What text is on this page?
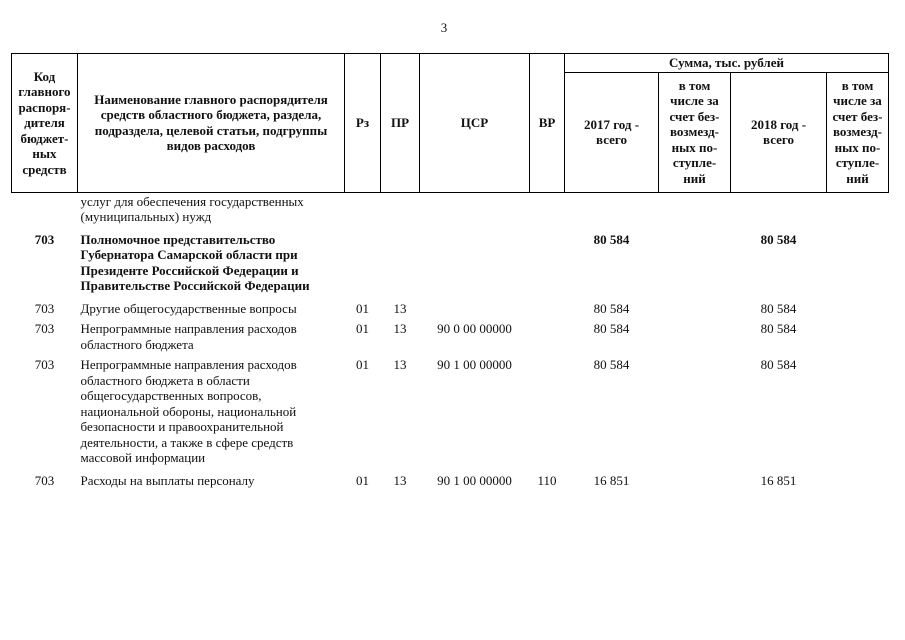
3
Код главного распоря-дителя бюджет-ных средств	Наименование главного распорядителя средств областного бюджета, раздела, подраздела, целевой статьи, подгруппы видов расходов	Рз	ПР	ЦСР	ВР	Сумма, тыс. рублей			
						2017 год - всего	в том числе за счет без-возмезд-ных по-ступле-ний	2018 год - всего	в том числе за счет без-возмезд-ных по-ступле-ний
	услуг для обеспечения государственных (муниципальных) нужд								
703	Полномочное представительство Губернатора Самарской области при Президенте Российской Федерации и Правительстве Российской Федерации					80 584		80 584	
703	Другие общегосударственные вопросы	01	13			80 584		80 584	
703	Непрограммные направления расходов областного бюджета	01	13	90 0 00 00000		80 584		80 584	
703	Непрограммные направления расходов областного бюджета в области общегосударственных вопросов, национальной обороны, национальной безопасности и правоохранительной деятельности, а также в сфере средств массовой информации	01	13	90 1 00 00000		80 584		80 584	
703	Расходы на выплаты персоналу	01	13	90 1 00 00000	110	16 851		16 851	
